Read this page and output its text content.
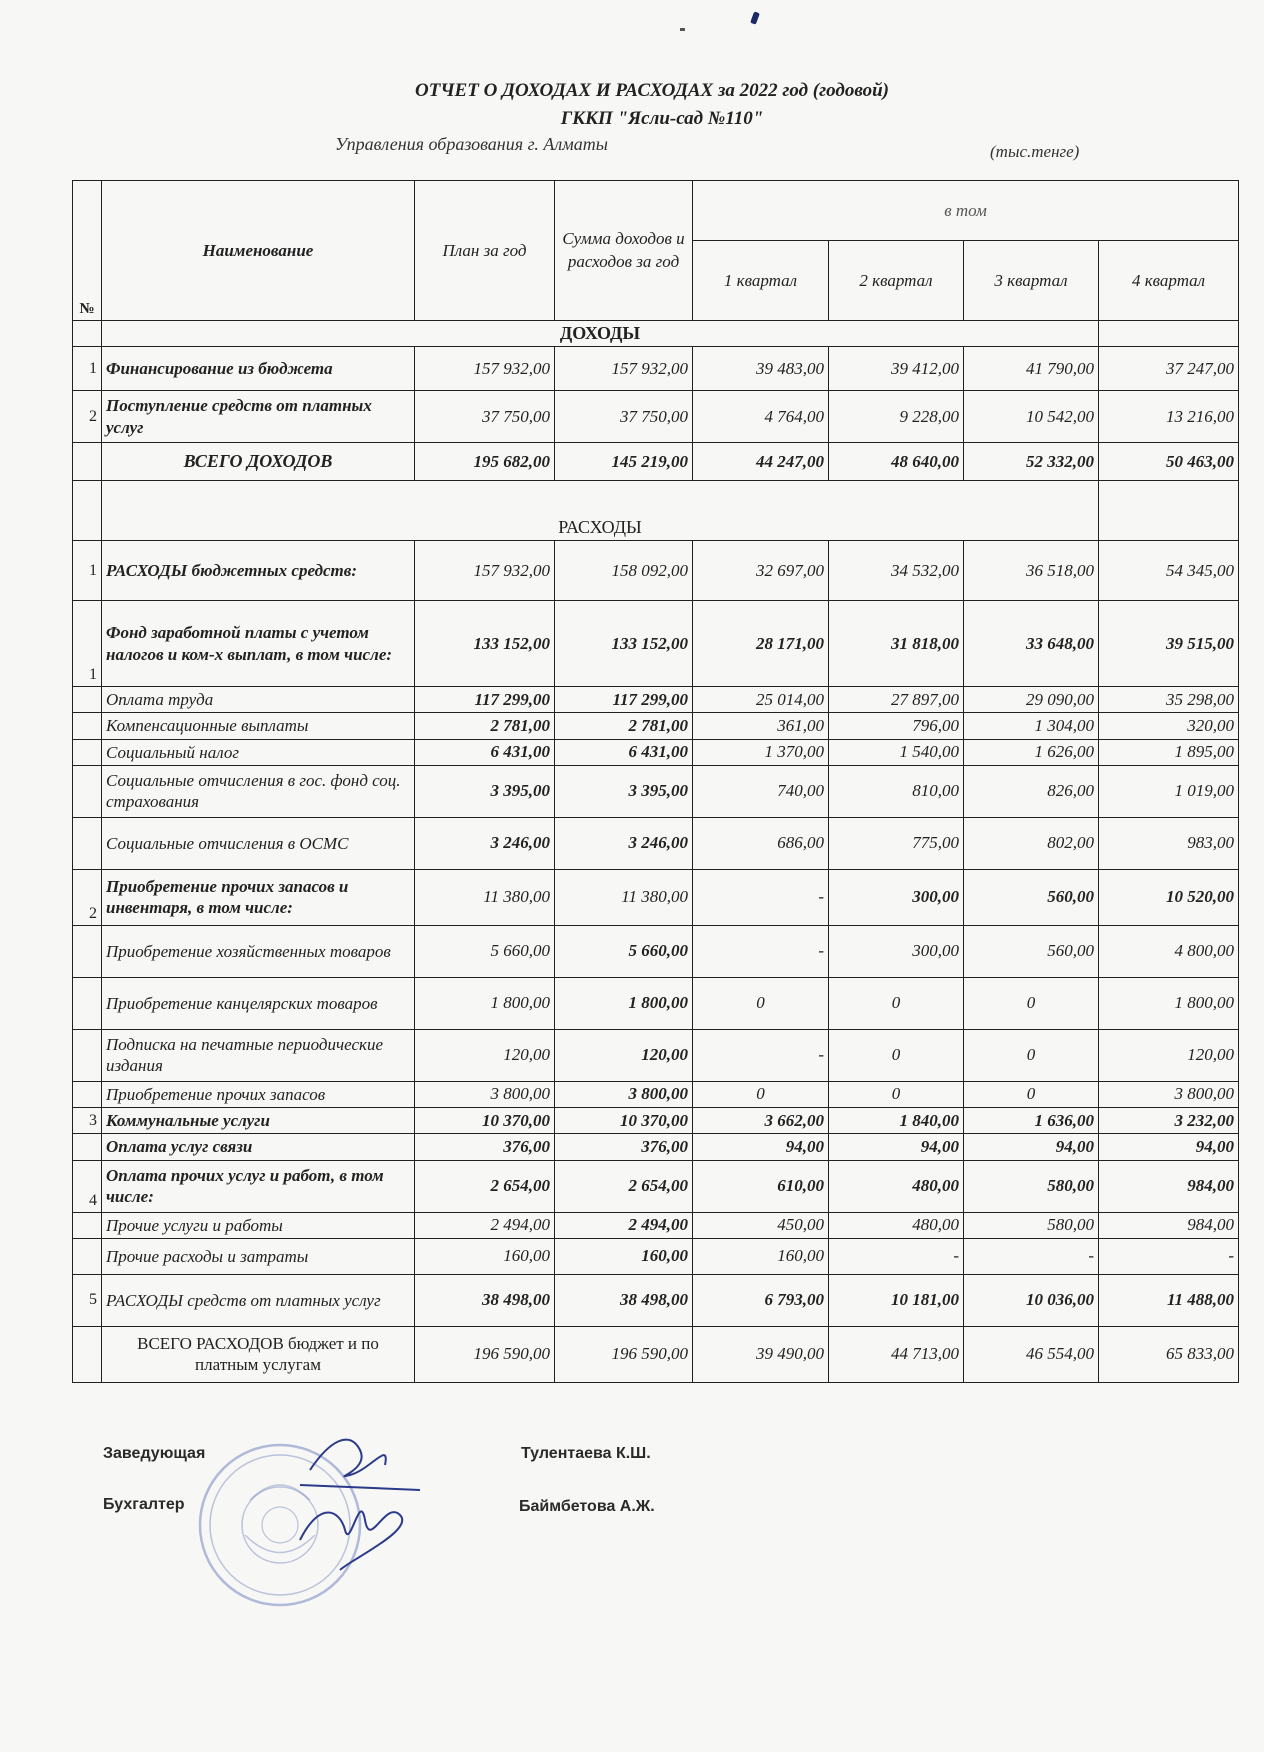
ОТЧЕТ О ДОХОДАХ И РАСХОДАХ за 2022 год (годовой)
ГККП "Ясли-сад №110"
Управления образования г. Алматы	(тыс.тенге)
№	Наименование	План за год	Сумма доходов и расходов за год	в том			
				1 квартал	2 квартал	3 квартал	4 квартал
	ДОХОДЫ						
1	Финансирование из бюджета	157 932,00	157 932,00	39 483,00	39 412,00	41 790,00	37 247,00
2	Поступление средств от платных услуг	37 750,00	37 750,00	4 764,00	9 228,00	10 542,00	13 216,00
	ВСЕГО ДОХОДОВ	195 682,00	145 219,00	44 247,00	48 640,00	52 332,00	50 463,00
	РАСХОДЫ						
1	РАСХОДЫ бюджетных средств:	157 932,00	158 092,00	32 697,00	34 532,00	36 518,00	54 345,00
1	Фонд заработной платы с учетом налогов и ком-х выплат, в том числе:	133 152,00	133 152,00	28 171,00	31 818,00	33 648,00	39 515,00
	Оплата труда	117 299,00	117 299,00	25 014,00	27 897,00	29 090,00	35 298,00
	Компенсационные выплаты	2 781,00	2 781,00	361,00	796,00	1 304,00	320,00
	Социальный налог	6 431,00	6 431,00	1 370,00	1 540,00	1 626,00	1 895,00
	Социальные отчисления в гос. фонд соц. страхования	3 395,00	3 395,00	740,00	810,00	826,00	1 019,00
	Социальные отчисления в ОСМС	3 246,00	3 246,00	686,00	775,00	802,00	983,00
2	Приобретение прочих запасов и инвентаря, в том числе:	11 380,00	11 380,00	-	300,00	560,00	10 520,00
	Приобретение хозяйственных товаров	5 660,00	5 660,00	-	300,00	560,00	4 800,00
	Приобретение канцелярских товаров	1 800,00	1 800,00	0	0	0	1 800,00
	Подписка на печатные периодические издания	120,00	120,00	-	0	0	120,00
	Приобретение прочих запасов	3 800,00	3 800,00	0	0	0	3 800,00
3	Коммунальные услуги	10 370,00	10 370,00	3 662,00	1 840,00	1 636,00	3 232,00
	Оплата услуг связи	376,00	376,00	94,00	94,00	94,00	94,00
4	Оплата прочих услуг и работ, в том числе:	2 654,00	2 654,00	610,00	480,00	580,00	984,00
	Прочие услуги и работы	2 494,00	2 494,00	450,00	480,00	580,00	984,00
	Прочие расходы и затраты	160,00	160,00	160,00	-	-	-
5	РАСХОДЫ средств от платных услуг	38 498,00	38 498,00	6 793,00	10 181,00	10 036,00	11 488,00
	ВСЕГО РАСХОДОВ бюджет и по платным услугам	196 590,00	196 590,00	39 490,00	44 713,00	46 554,00	65 833,00
Заведующая	Тулентаева К.Ш.
Бухгалтер	Баймбетова А.Ж.
